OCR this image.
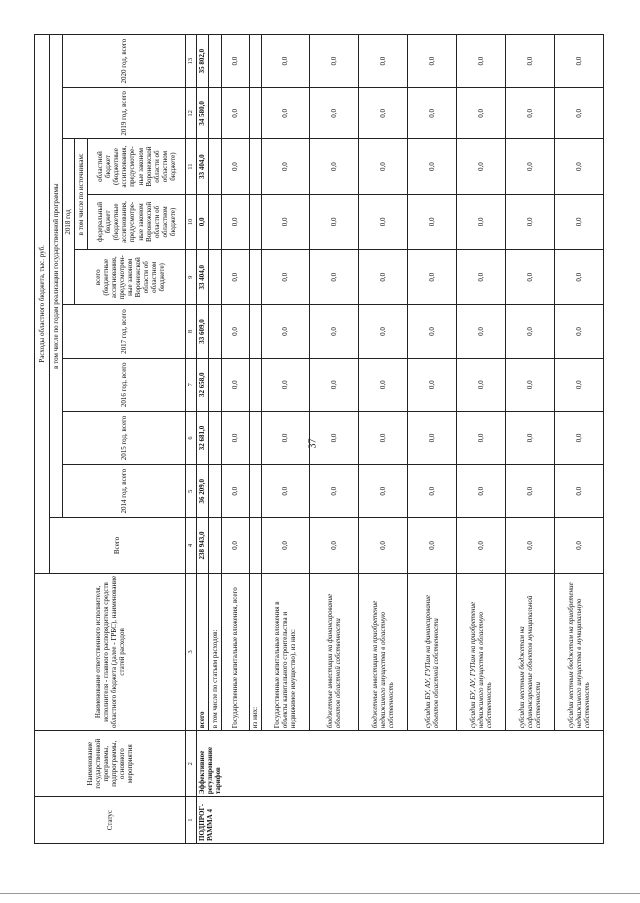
37
Статус	Наименование государственной программы, подпрограммы, основного мероприятия	Наименование ответственного исполнителя, исполнителя - главного распорядителя средств областного бюджета (далее - ГРБС), наименование статей расходов	Расходы областного бюджета, тыс. руб.									
			Всего	в том числе по годам реализации государственной программы								
				2014 год, всего	2015 год, всего	2016 год, всего	2017 год, всего	2018 год			2019 год, всего	2020 год, всего
								всего (бюджетные ассигнования, предусмотрен-ные законом Воронежской области об областном бюджете)	в том числе по источникам:			
									федеральный бюджет (бюджетные ассигнования, предусмотре-ные законом Воронежской области об областном бюджете)	областной бюджет (бюджетные ассигнования, предусмотре-ные законом Воронежской области об областном бюджете)		
1	2	3	4	5	6	7	8	9	10	11	12	13
ПОДПРОГ- РАММА 4	Эффективное регулирование тарифов	всего	238 943,0	36 209,0	32 681,0	32 658,0	33 609,0	33 404,0	0,0	33 404,0	34 580,0	35 802,0
		в том числе по статьям расходов:										
		Государственные капитальные вложения, всего	0,0	0,0	0,0	0,0	0,0	0,0	0,0	0,0	0,0	0,0
		из них:										
		Государственные капитальные вложения в объекты капитального строительства и недвижимое имущество), из них:	0,0	0,0	0,0	0,0	0,0	0,0	0,0	0,0	0,0	0,0
		бюджетные инвестиции на финансирование объектов областной собственности	0,0	0,0	0,0	0,0	0,0	0,0	0,0	0,0	0,0	0,0
		бюджетные инвестиции на приобретение недвижимого имущества в областную собственность	0,0	0,0	0,0	0,0	0,0	0,0	0,0	0,0	0,0	0,0
		субсидии БУ, АУ, ГУПам на финансирование объектов областной собственности	0,0	0,0	0,0	0,0	0,0	0,0	0,0	0,0	0,0	0,0
		субсидии БУ, АУ, ГУПам на приобретение недвижимого имущества в областную собственность	0,0	0,0	0,0	0,0	0,0	0,0	0,0	0,0	0,0	0,0
		субсидии местным бюджетам на софинансирование объектов муниципальной собственности	0,0	0,0	0,0	0,0	0,0	0,0	0,0	0,0	0,0	0,0
		субсидии местным бюджетам на приобретение недвижимого имущества в муниципальную собственность	0,0	0,0	0,0	0,0	0,0	0,0	0,0	0,0	0,0	0,0
